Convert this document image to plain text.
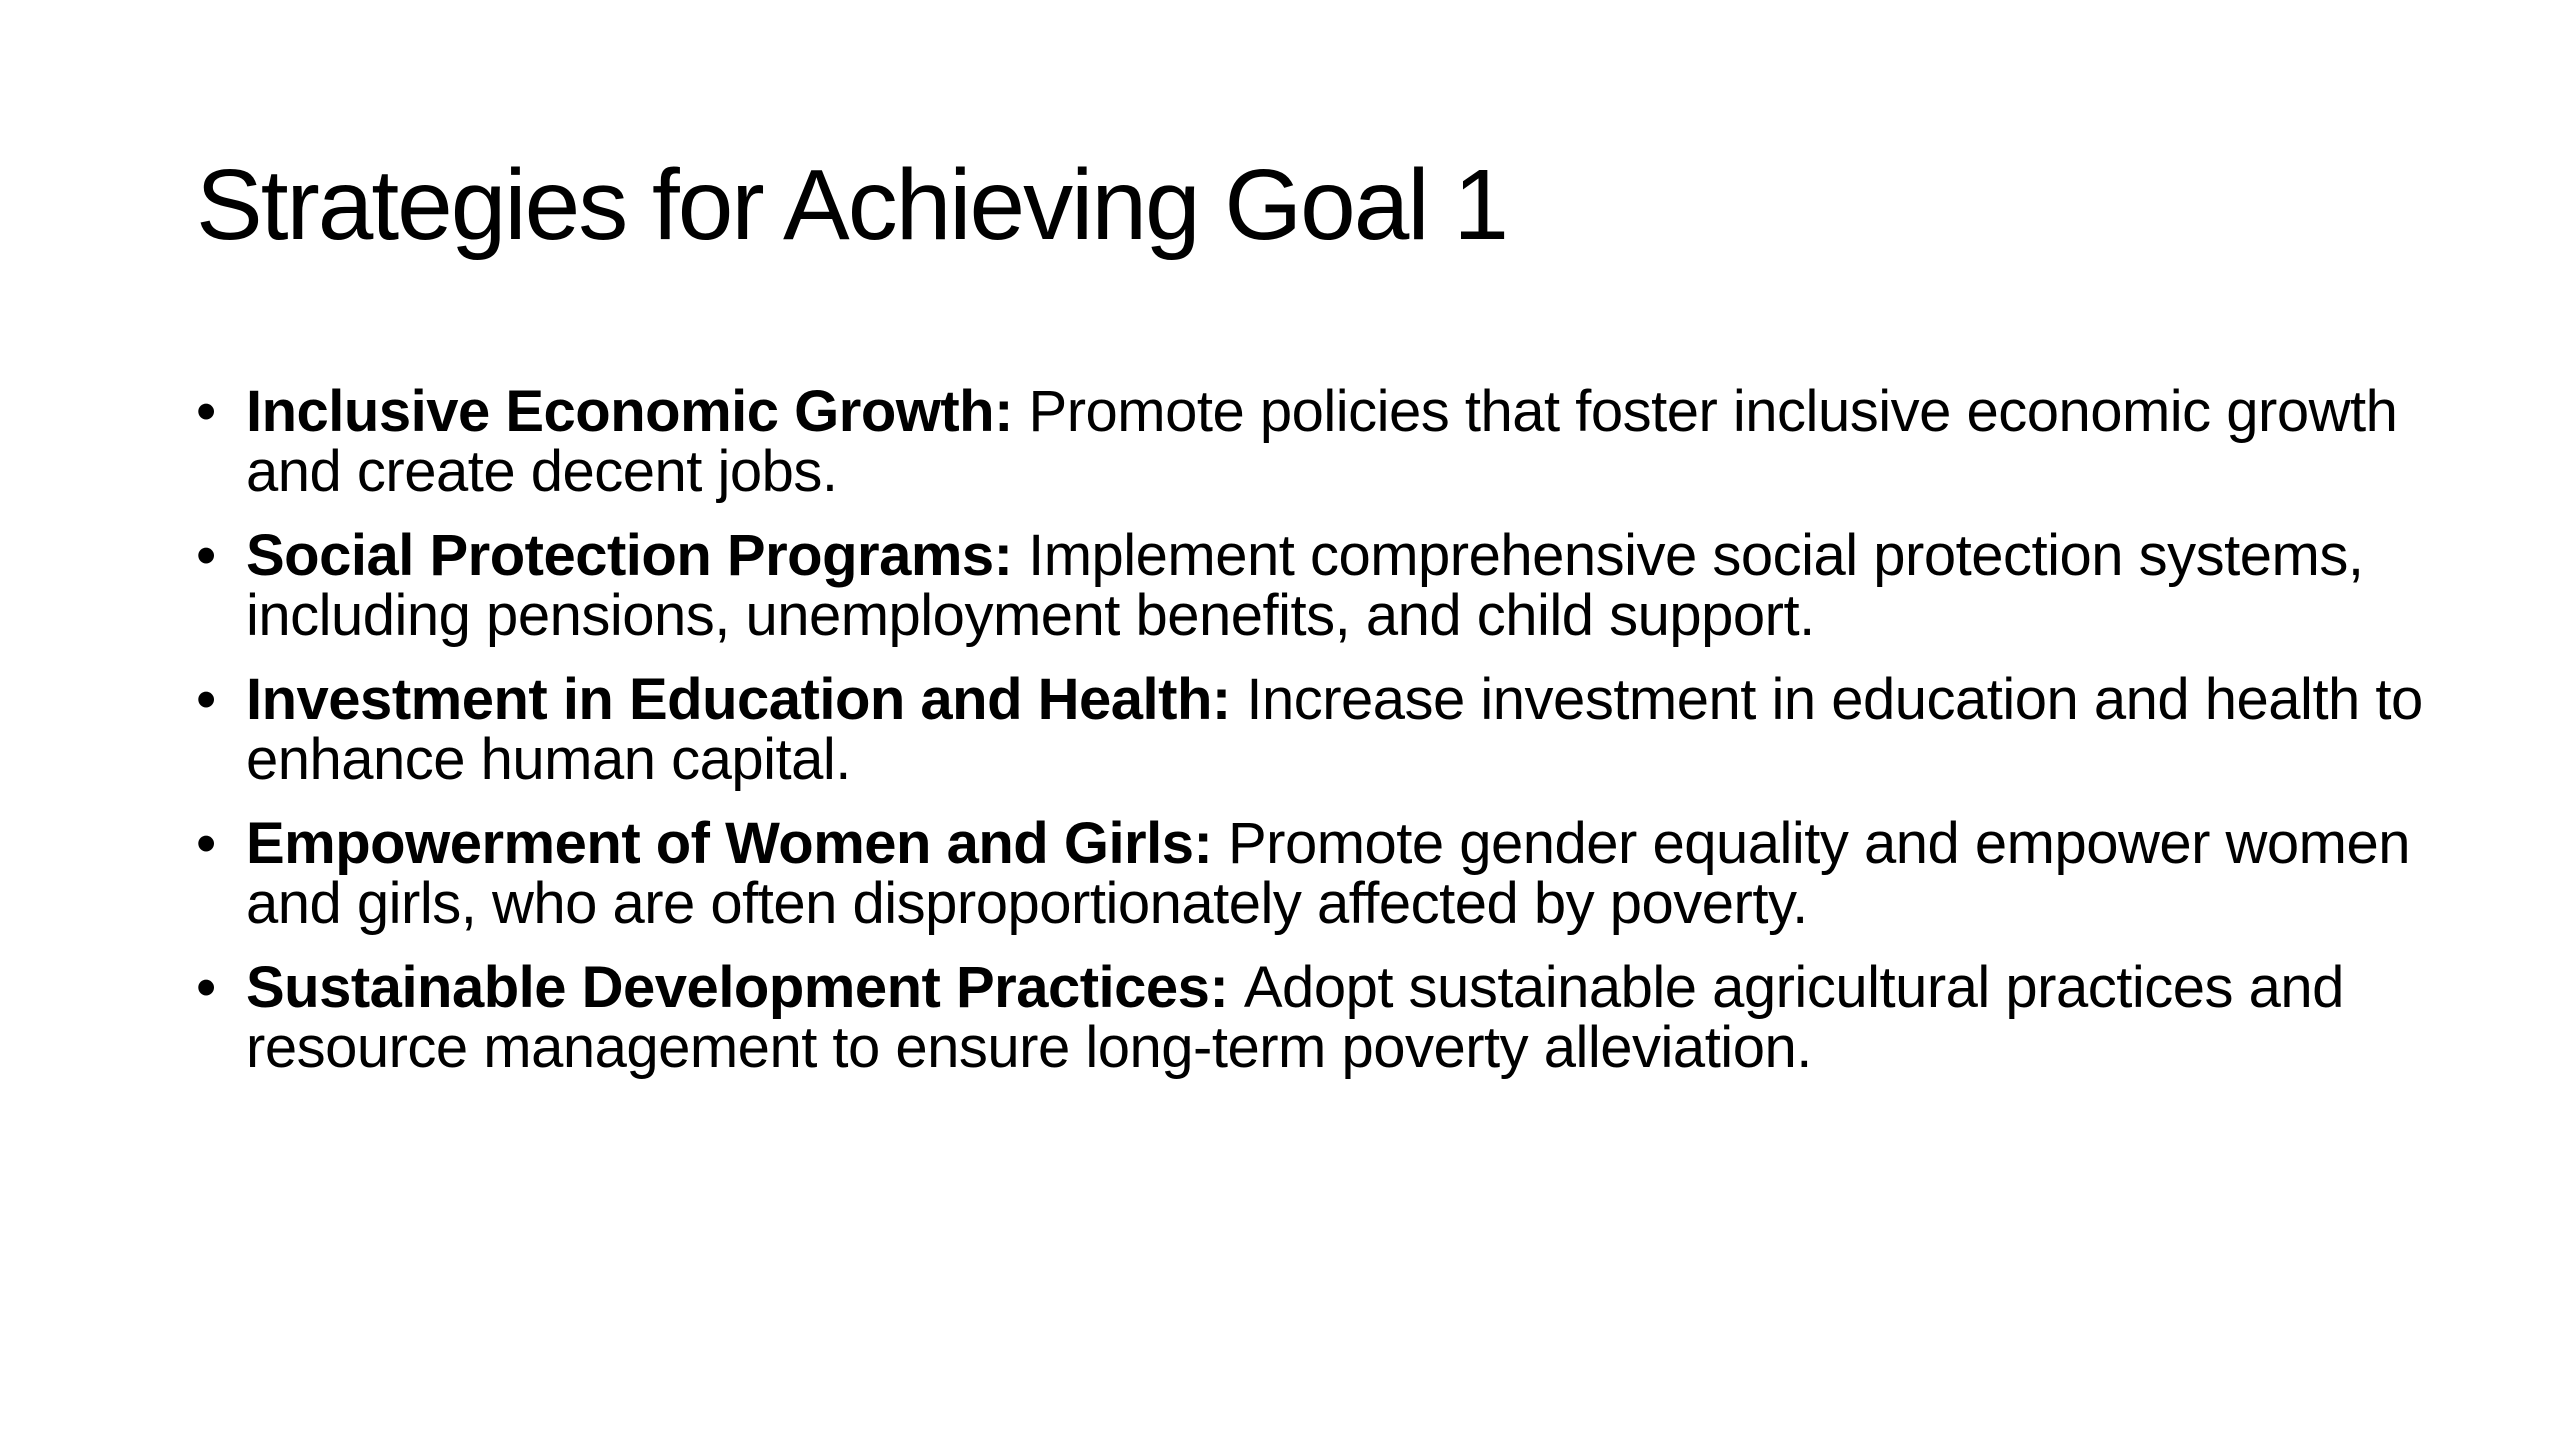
Strategies for Achieving Goal 1
• Inclusive Economic Growth: Promote policies that foster inclusive economic growth and create decent jobs.
• Social Protection Programs: Implement comprehensive social protection systems, including pensions, unemployment benefits, and child support.
• Investment in Education and Health: Increase investment in education and health to enhance human capital.
• Empowerment of Women and Girls: Promote gender equality and empower women and girls, who are often disproportionately affected by poverty.
• Sustainable Development Practices: Adopt sustainable agricultural practices and resource management to ensure long-term poverty alleviation.
